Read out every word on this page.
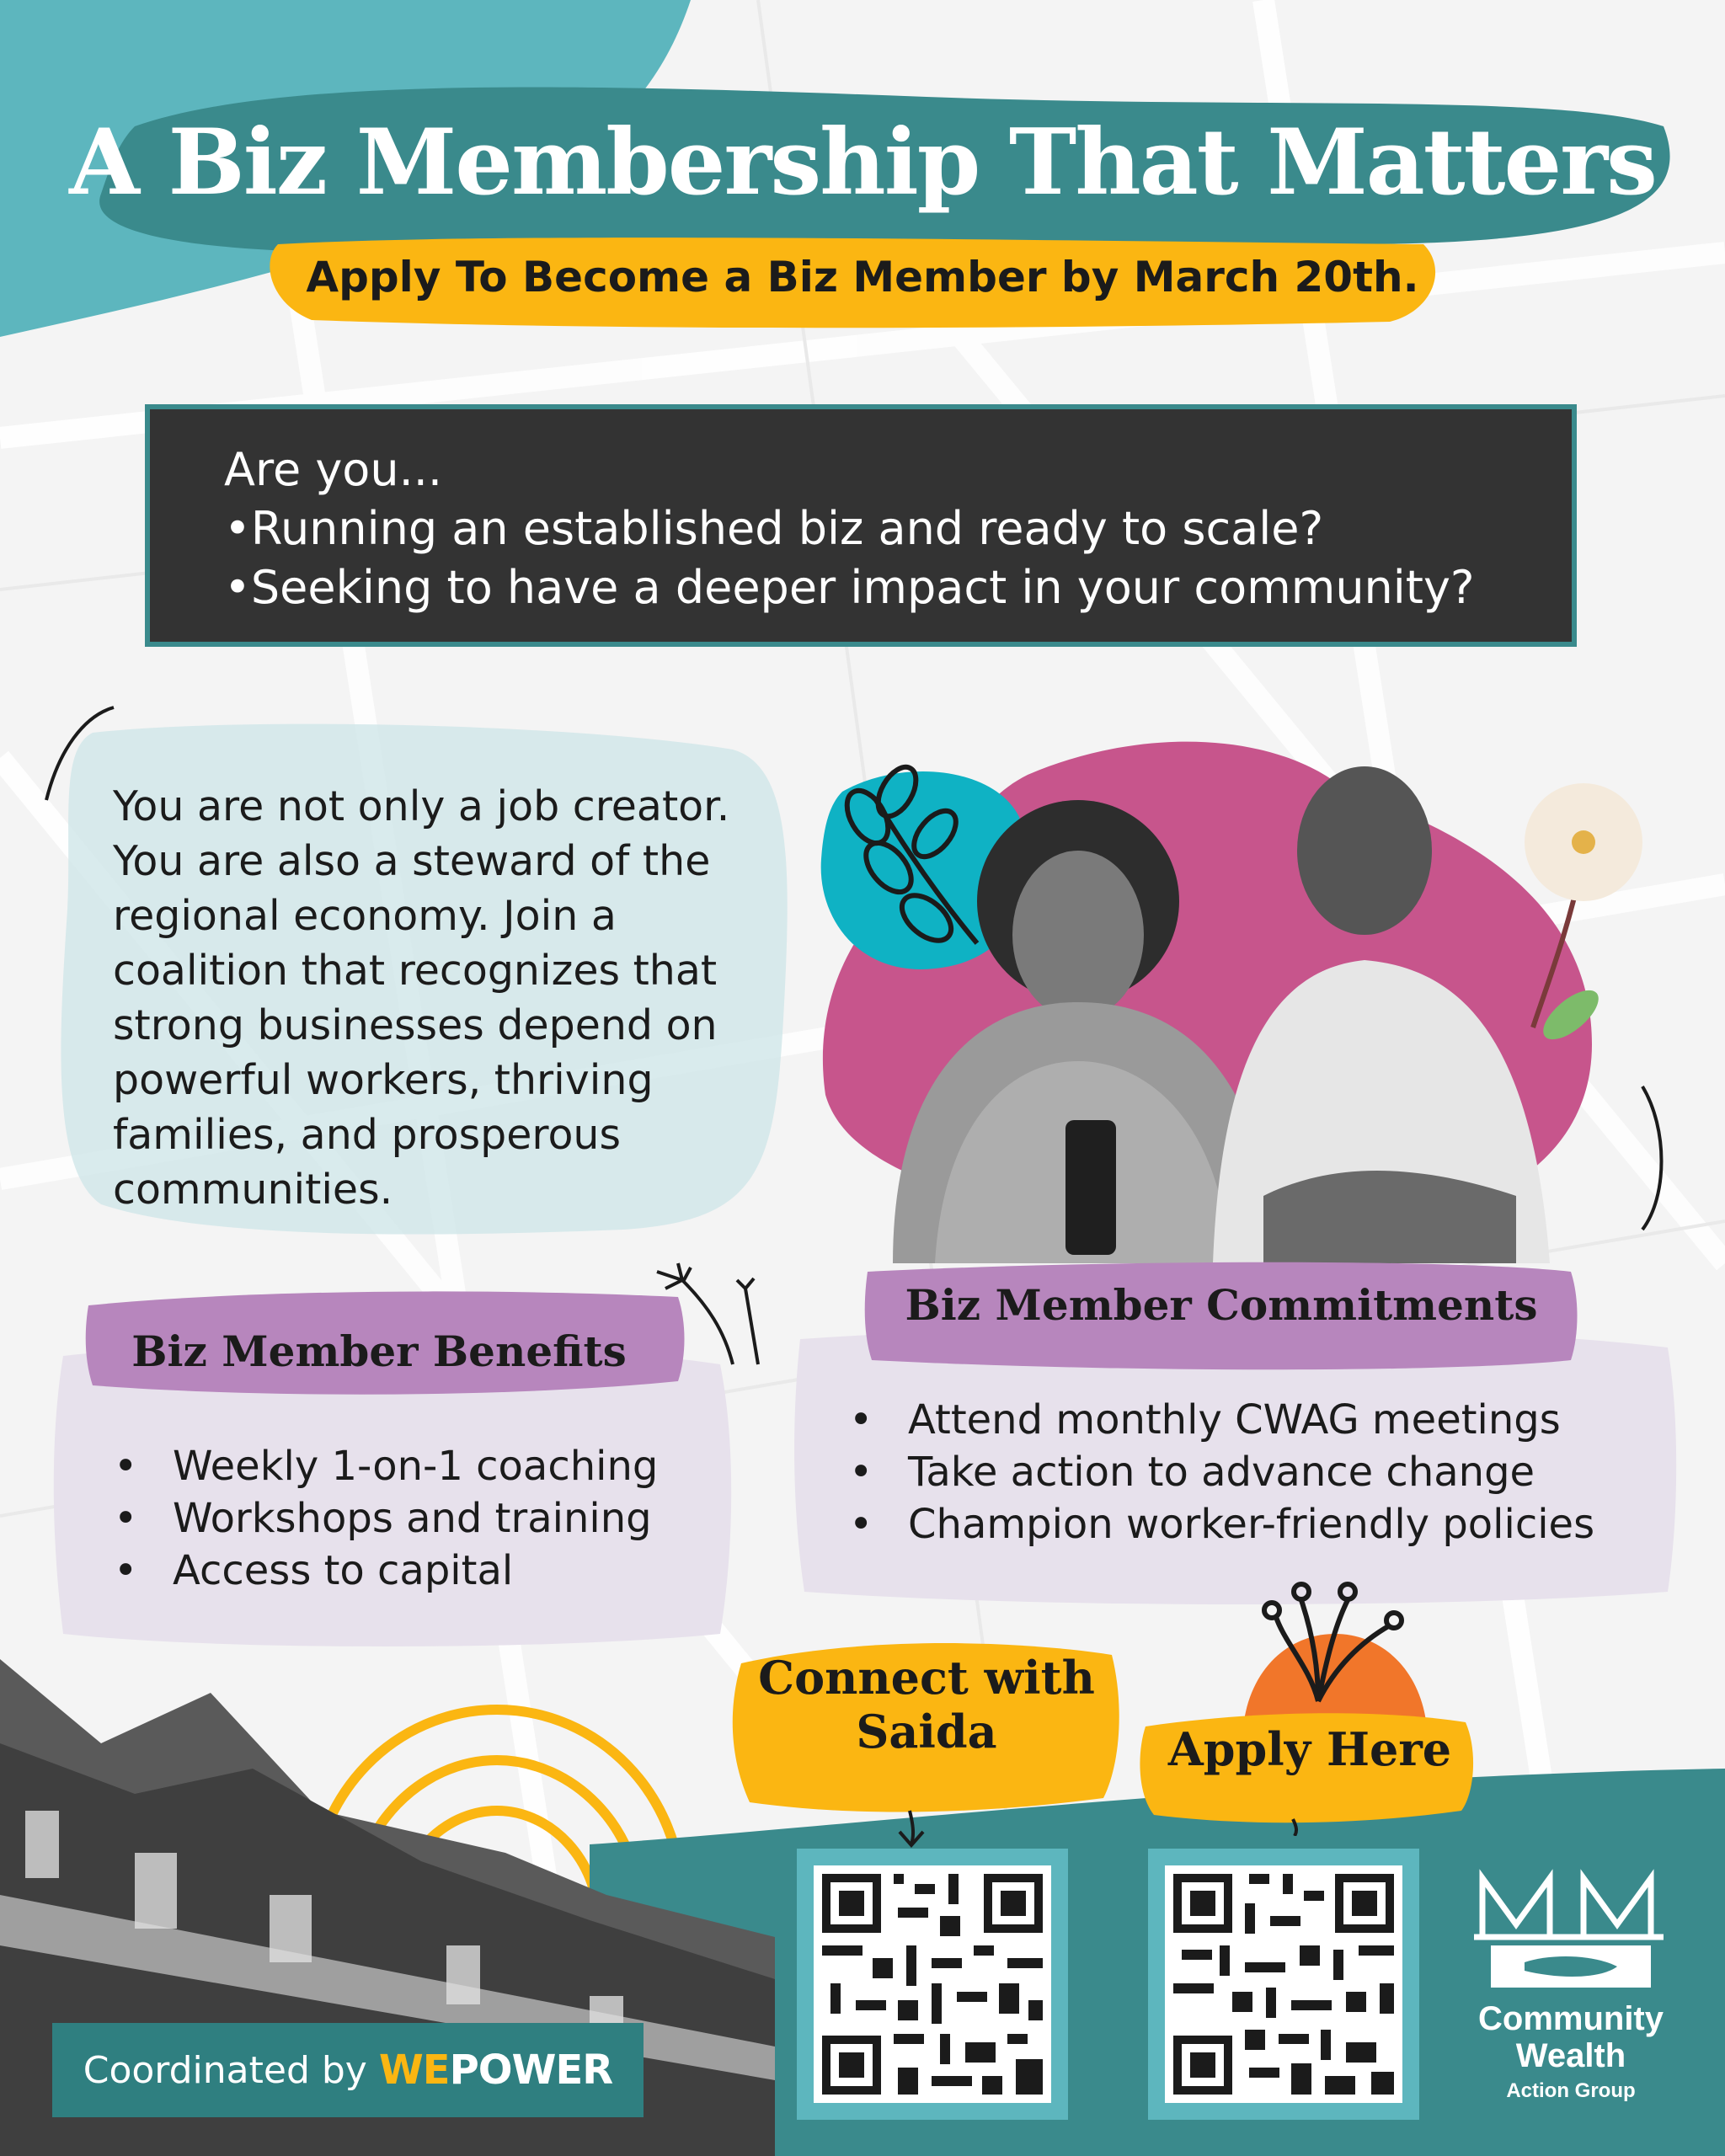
A Biz Membership That Matters
Apply To Become a Biz Member by March 20th.
Are you...
•Running an established biz and ready to scale?
•Seeking to have a deeper impact in your community?
You are not only a job creator.
You are also a steward of the
regional economy. Join a
coalition that recognizes that
strong businesses depend on
powerful workers, thriving
families, and prosperous
communities.
Biz Member Benefits
• Weekly 1-on-1 coaching
• Workshops and training
• Access to capital
Biz Member Commitments
• Attend monthly CWAG meetings
• Take action to advance change
• Champion worker-friendly policies
Connect with
Saida	Apply Here
Coordinated by WEPOWER
Community
Wealth
Action Group
